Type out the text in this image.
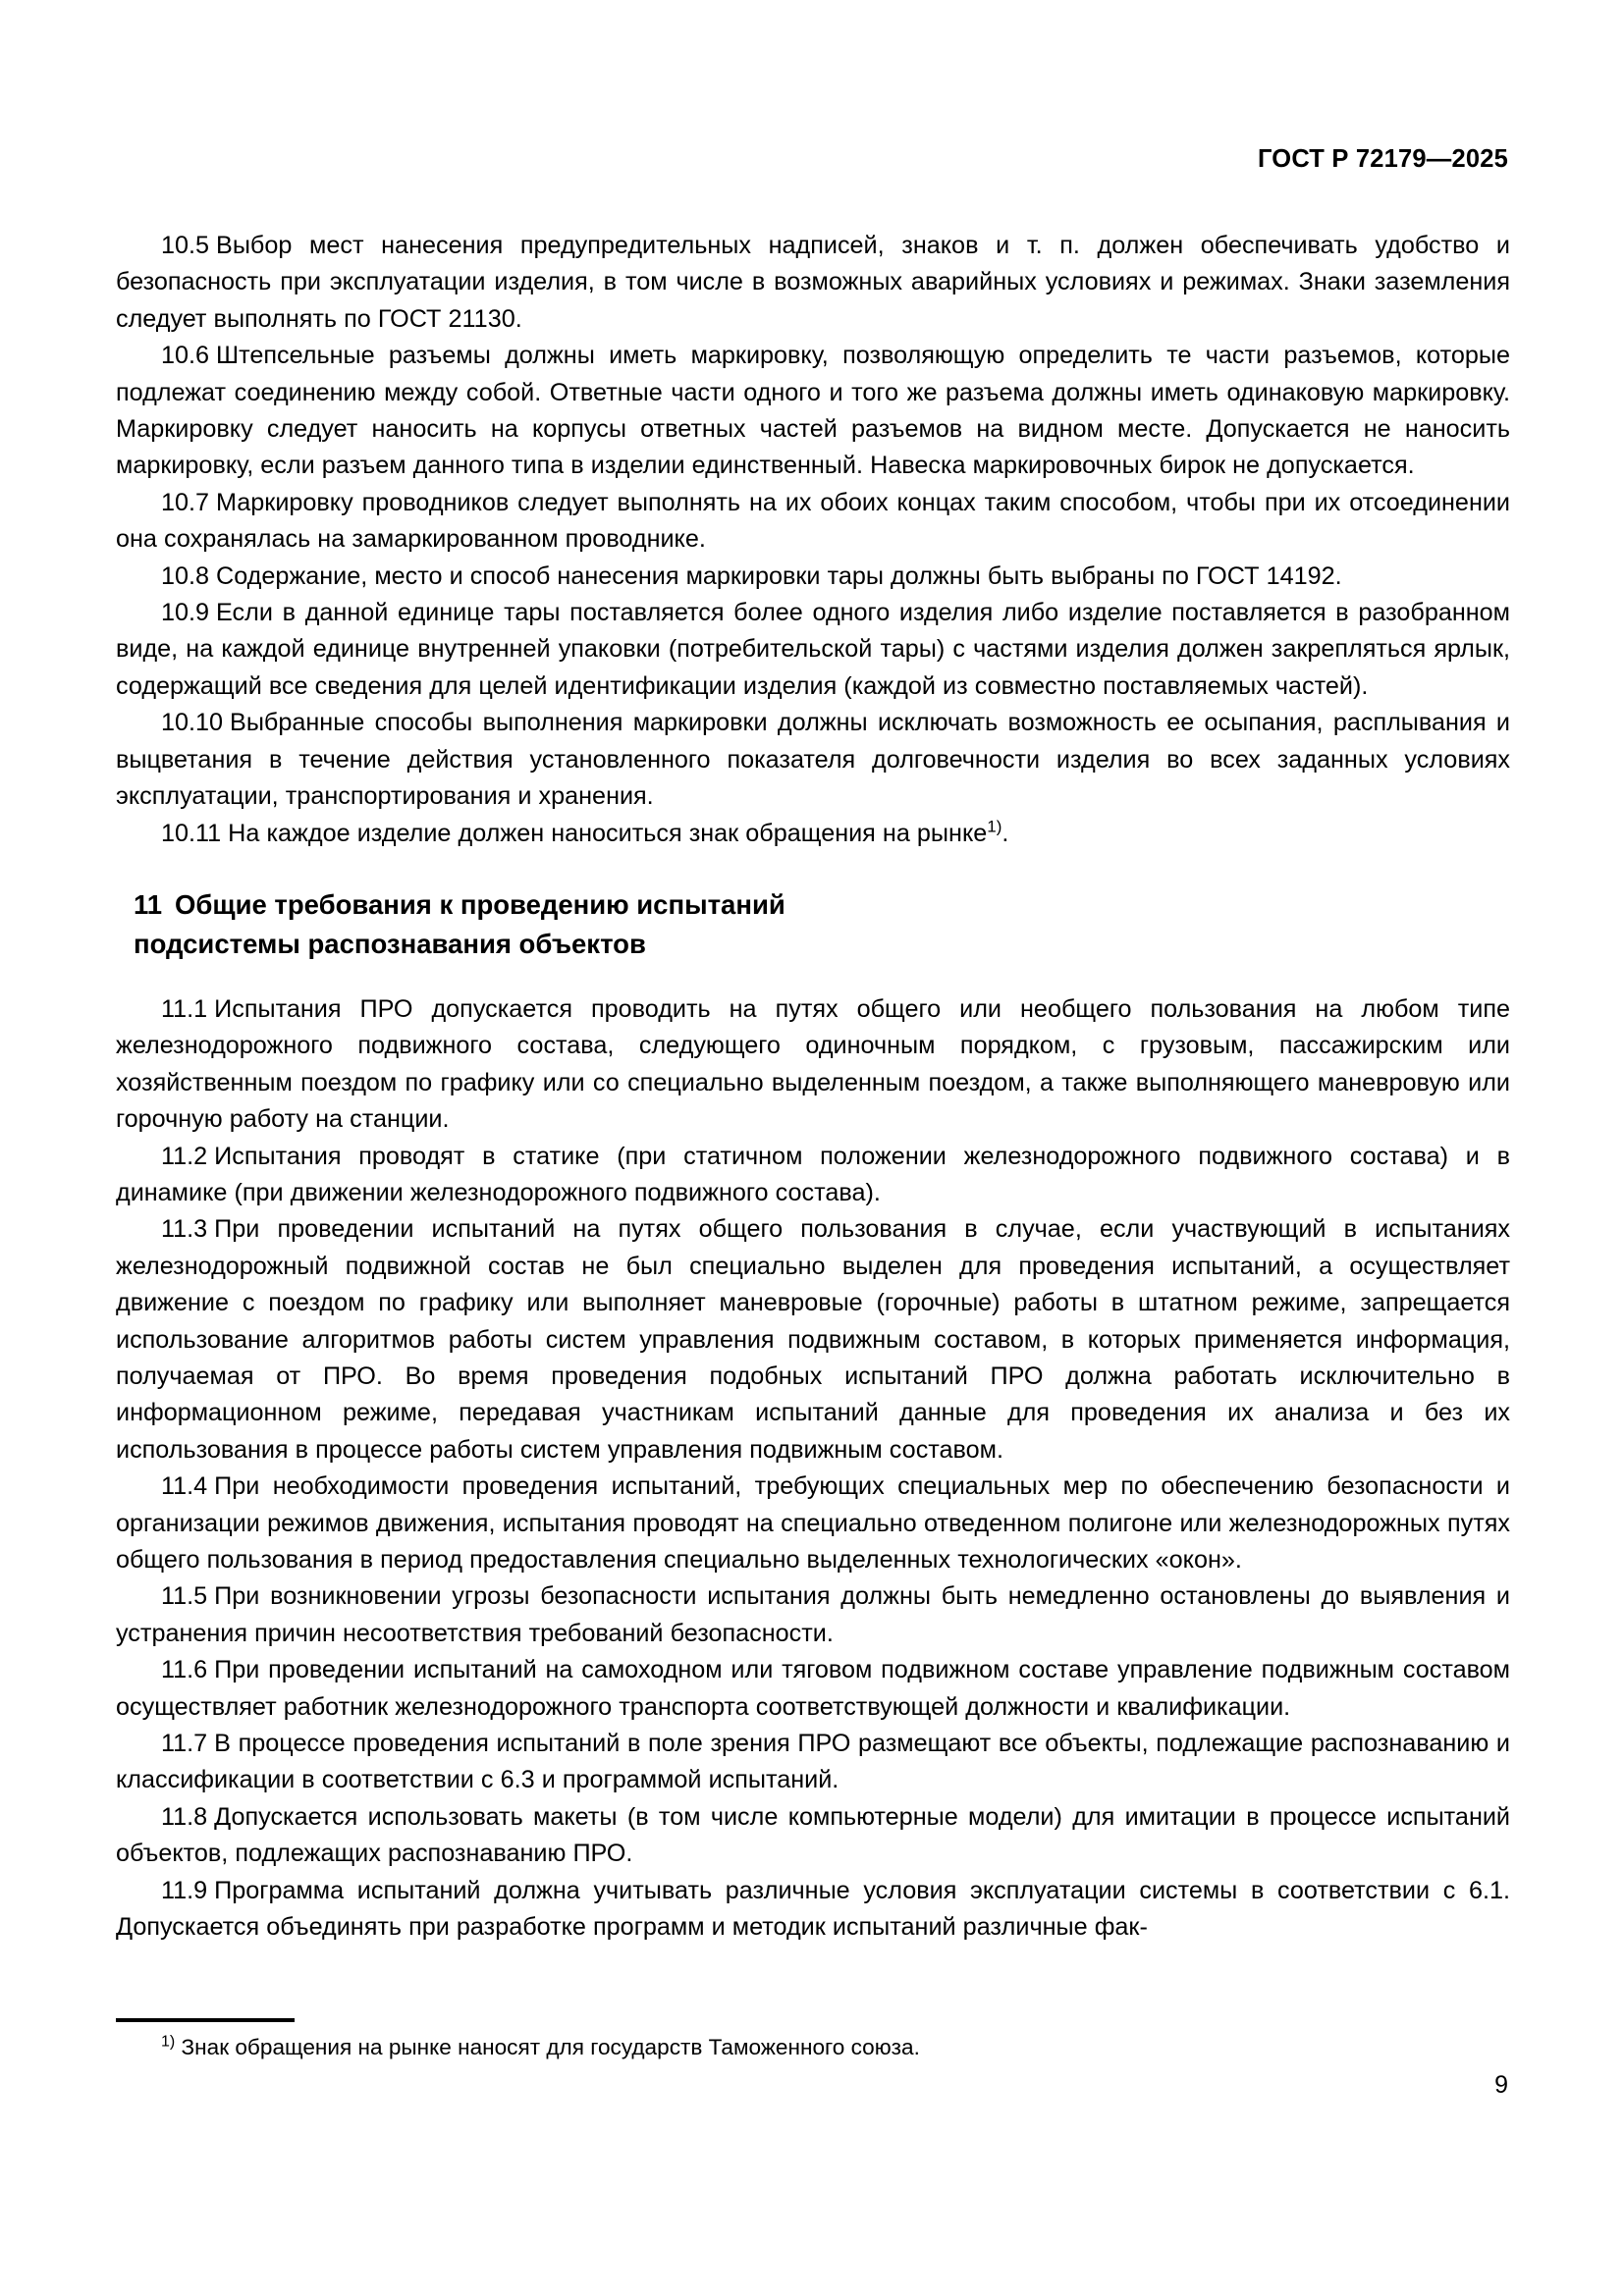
ГОСТ Р 72179—2025

10.5 Выбор мест нанесения предупредительных надписей, знаков и т. п. должен обеспечивать удобство и безопасность при эксплуатации изделия, в том числе в возможных аварийных условиях и режимах. Знаки заземления следует выполнять по ГОСТ 21130.

10.6 Штепсельные разъемы должны иметь маркировку, позволяющую определить те части разъемов, которые подлежат соединению между собой. Ответные части одного и того же разъема должны иметь одинаковую маркировку. Маркировку следует наносить на корпусы ответных частей разъемов на видном месте. Допускается не наносить маркировку, если разъем данного типа в изделии единственный. Навеска маркировочных бирок не допускается.

10.7 Маркировку проводников следует выполнять на их обоих концах таким способом, чтобы при их отсоединении она сохранялась на замаркированном проводнике.

10.8 Содержание, место и способ нанесения маркировки тары должны быть выбраны по ГОСТ 14192.

10.9 Если в данной единице тары поставляется более одного изделия либо изделие поставляется в разобранном виде, на каждой единице внутренней упаковки (потребительской тары) с частями изделия должен закрепляться ярлык, содержащий все сведения для целей идентификации изделия (каждой из совместно поставляемых частей).

10.10 Выбранные способы выполнения маркировки должны исключать возможность ее осыпания, расплывания и выцветания в течение действия установленного показателя долговечности изделия во всех заданных условиях эксплуатации, транспортирования и хранения.

10.11 На каждое изделие должен наноситься знак обращения на рынке$^{1)}$.

11 Общие требования к проведению испытаний
подсистемы распознавания объектов

11.1 Испытания ПРО допускается проводить на путях общего или необщего пользования на любом типе железнодорожного подвижного состава, следующего одиночным порядком, с грузовым, пассажирским или хозяйственным поездом по графику или со специально выделенным поездом, а также выполняющего маневровую или горочную работу на станции.

11.2 Испытания проводят в статике (при статичном положении железнодорожного подвижного состава) и в динамике (при движении железнодорожного подвижного состава).

11.3 При проведении испытаний на путях общего пользования в случае, если участвующий в испытаниях железнодорожный подвижной состав не был специально выделен для проведения испытаний, а осуществляет движение с поездом по графику или выполняет маневровые (горочные) работы в штатном режиме, запрещается использование алгоритмов работы систем управления подвижным составом, в которых применяется информация, получаемая от ПРО. Во время проведения подобных испытаний ПРО должна работать исключительно в информационном режиме, передавая участникам испытаний данные для проведения их анализа и без их использования в процессе работы систем управления подвижным составом.

11.4 При необходимости проведения испытаний, требующих специальных мер по обеспечению безопасности и организации режимов движения, испытания проводят на специально отведенном полигоне или железнодорожных путях общего пользования в период предоставления специально выделенных технологических «окон».

11.5 При возникновении угрозы безопасности испытания должны быть немедленно остановлены до выявления и устранения причин несоответствия требований безопасности.

11.6 При проведении испытаний на самоходном или тяговом подвижном составе управление подвижным составом осуществляет работник железнодорожного транспорта соответствующей должности и квалификации.

11.7 В процессе проведения испытаний в поле зрения ПРО размещают все объекты, подлежащие распознаванию и классификации в соответствии с 6.3 и программой испытаний.

11.8 Допускается использовать макеты (в том числе компьютерные модели) для имитации в процессе испытаний объектов, подлежащих распознаванию ПРО.

11.9 Программа испытаний должна учитывать различные условия эксплуатации системы в соответствии с 6.1. Допускается объединять при разработке программ и методик испытаний различные фак-

$^{1)}$ Знак обращения на рынке наносят для государств Таможенного союза.

9
